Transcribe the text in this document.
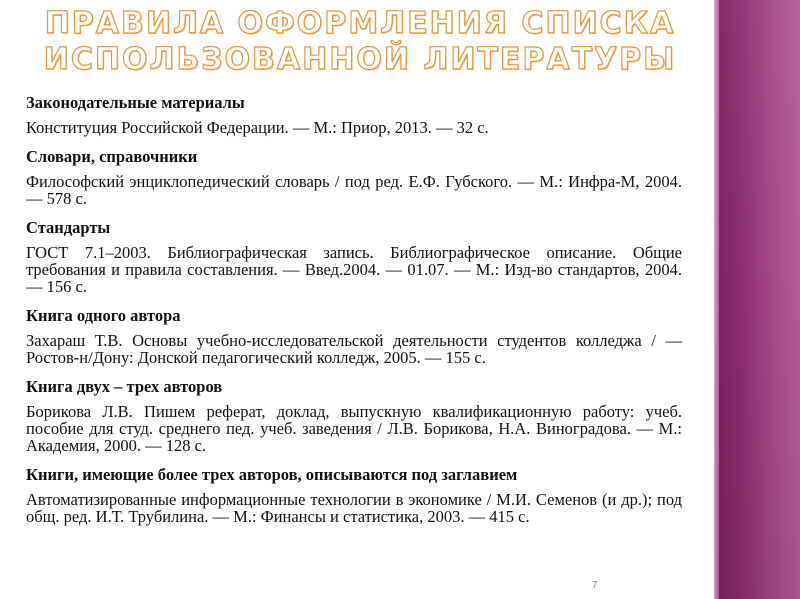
ПРАВИЛА ОФОРМЛЕНИЯ СПИСКА
ИСПОЛЬЗОВАННОЙ ЛИТЕРАТУРЫ
Законодательные материалы
Конституция Российской Федерации. — М.: Приор, 2013. — 32 с.
Словари, справочники
Философский энциклопедический словарь / под ред. Е.Ф. Губского. — М.: Инфра-М, 2004. — 578 с.
Стандарты
ГОСТ 7.1–2003. Библиографическая запись. Библиографическое описание. Общие требования и правила составления. — Введ.2004. — 01.07. — М.: Изд-во стандартов, 2004. — 156 с.
Книга одного автора
Захараш Т.В. Основы учебно-исследовательской деятельности студентов колледжа / — Ростов-н/Дону: Донской педагогический колледж, 2005. — 155 с.
Книга двух – трех авторов
Борикова Л.В. Пишем реферат, доклад, выпускную квалификационную работу: учеб. пособие для студ. среднего пед. учеб. заведения / Л.В. Борикова, Н.А. Виноградова. — М.: Академия, 2000. — 128 с.
Книги, имеющие более трех авторов, описываются под заглавием
Автоматизированные информационные технологии в экономике / М.И. Семенов (и др.); под общ. ред. И.Т. Трубилина. — М.: Финансы и статистика, 2003. — 415 с.
7
